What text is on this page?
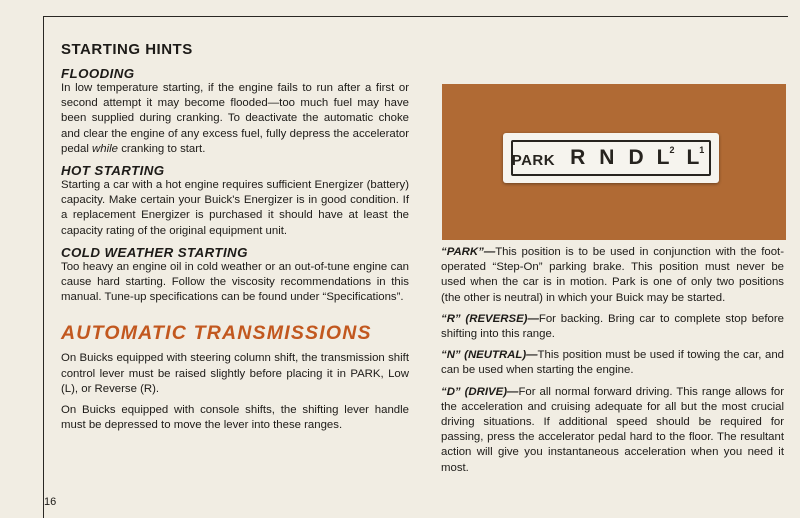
STARTING HINTS
FLOODING

In low temperature starting, if the engine fails to run after a first or second attempt it may become flooded—too much fuel may have been supplied during cranking. To deactivate the automatic choke and clear the engine of any excess fuel, fully depress the accelerator pedal while cranking to start.

HOT STARTING

Starting a car with a hot engine requires sufficient Energizer (battery) capacity. Make certain your Buick's Energizer is in good condition. If a replacement Energizer is purchased it should have at least the capacity rating of the original equipment unit.

COLD WEATHER STARTING

Too heavy an engine oil in cold weather or an out-of-tune engine can cause hard starting. Follow the viscosity recommendations in this manual. Tune-up specifications can be found under “Specifications”.

AUTOMATIC TRANSMISSIONS

On Buicks equipped with steering column shift, the transmission shift control lever must be raised slightly before placing it in PARK, Low (L), or Reverse (R).

On Buicks equipped with console shifts, the shifting lever handle must be depressed to move the lever into these ranges.

PARK R N D $L^2$ $L^1$

“PARK”—This position is to be used in conjunction with the foot-operated “Step-On” parking brake. This position must never be used when the car is in motion. Park is one of only two positions (the other is neutral) in which your Buick may be started.

“R” (REVERSE)—For backing. Bring car to complete stop before shifting into this range.

“N” (NEUTRAL)—This position must be used if towing the car, and can be used when starting the engine.

“D” (DRIVE)—For all normal forward driving. This range allows for the acceleration and cruising adequate for all but the most crucial driving situations. If additional speed should be required for passing, press the accelerator pedal hard to the floor. The resultant action will give you instantaneous acceleration when you need it most.

16
